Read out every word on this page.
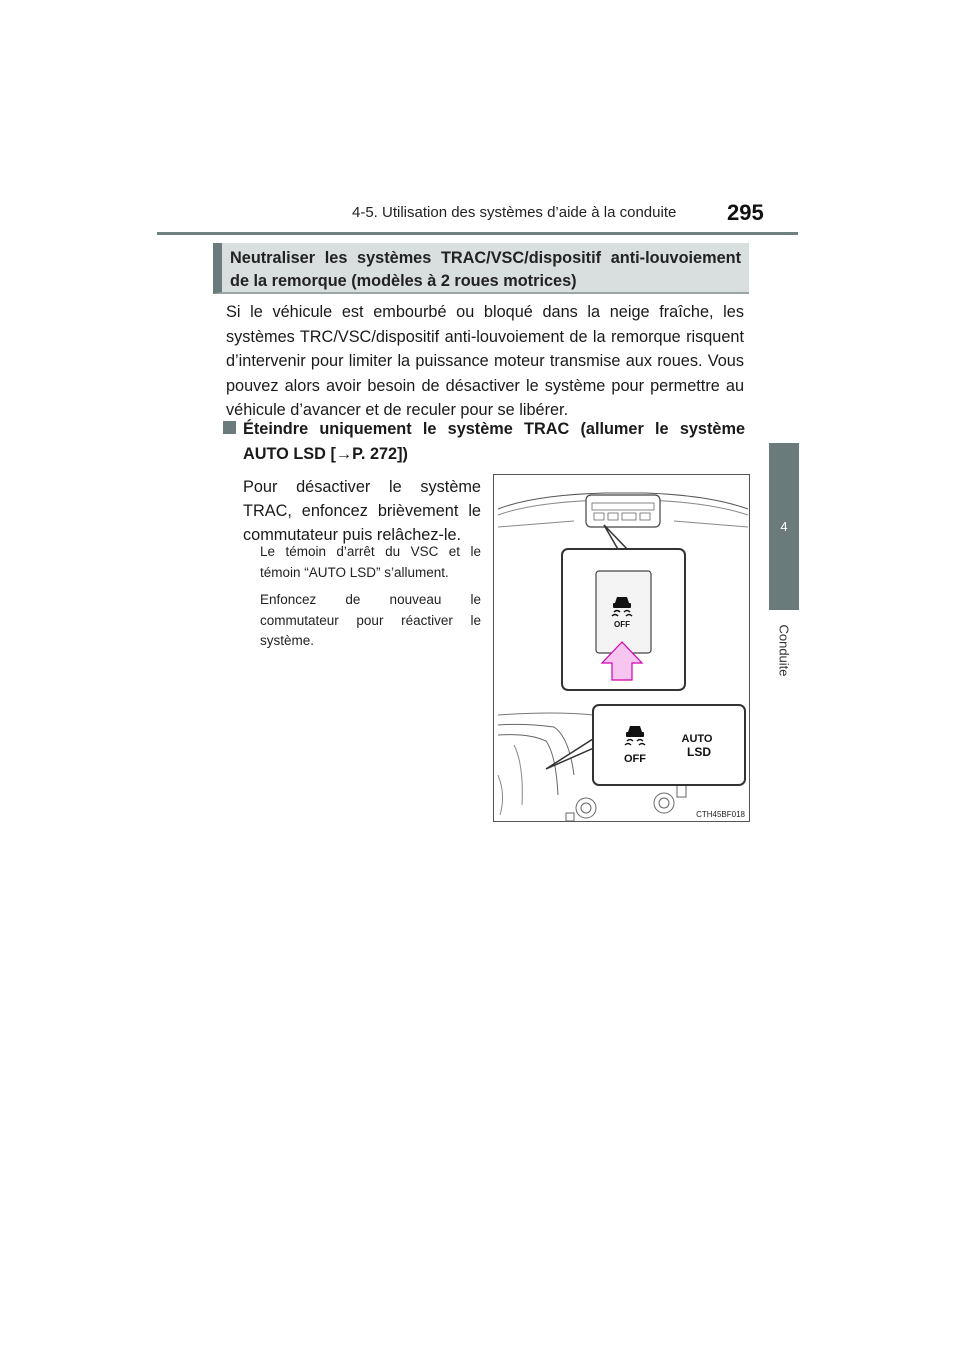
4-5. Utilisation des systèmes d’aide à la conduite 295
4
Conduite

Neutraliser les systèmes TRAC/VSC/dispositif anti-louvoiement de la remorque (modèles à 2 roues motrices)

Si le véhicule est embourbé ou bloqué dans la neige fraîche, les systèmes TRC/VSC/dispositif anti-louvoiement de la remorque risquent d’intervenir pour limiter la puissance moteur transmise aux roues. Vous pouvez alors avoir besoin de désactiver le système pour permettre au véhicule d’avancer et de reculer pour se libérer.

Éteindre uniquement le système TRAC (allumer le système AUTO LSD [→P. 272])

Pour désactiver le système TRAC, enfoncez brièvement le commutateur puis relâchez-le.

Le témoin d’arrêt du VSC et le témoin “AUTO LSD” s’allument.

Enfoncez de nouveau le commutateur pour réactiver le système.

OFF
OFF
AUTO
LSD
CTH45BF018
